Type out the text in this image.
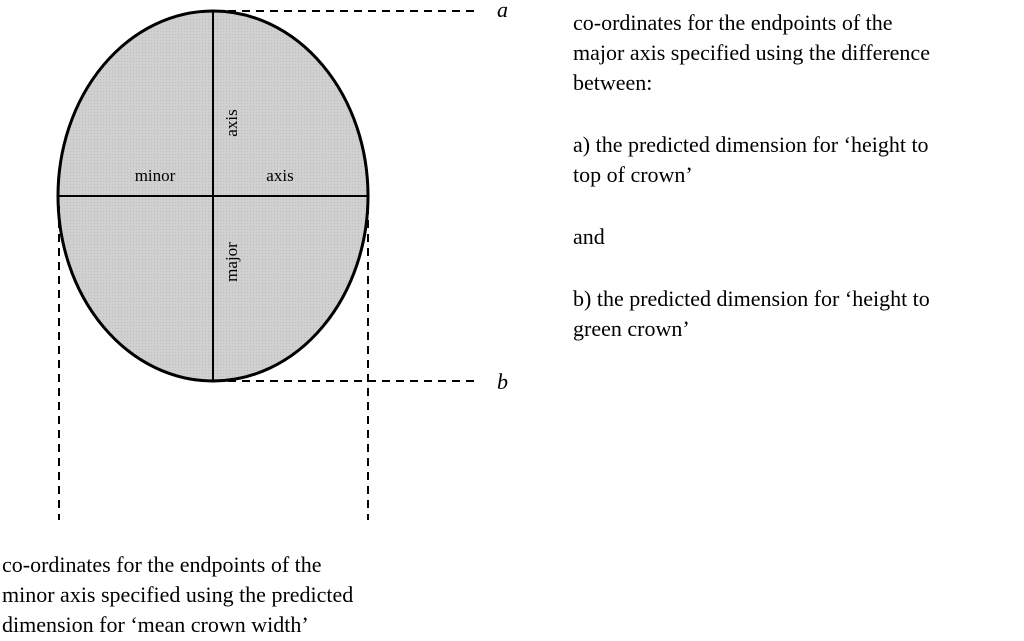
a
b
minor	axis
axis
major

co-ordinates for the endpoints of the
major axis specified using the difference
between:

a) the predicted dimension for ‘height to
top of crown’

and

b) the predicted dimension for ‘height to
green crown’

co-ordinates for the endpoints of the
minor axis specified using the predicted
dimension for ‘mean crown width’
